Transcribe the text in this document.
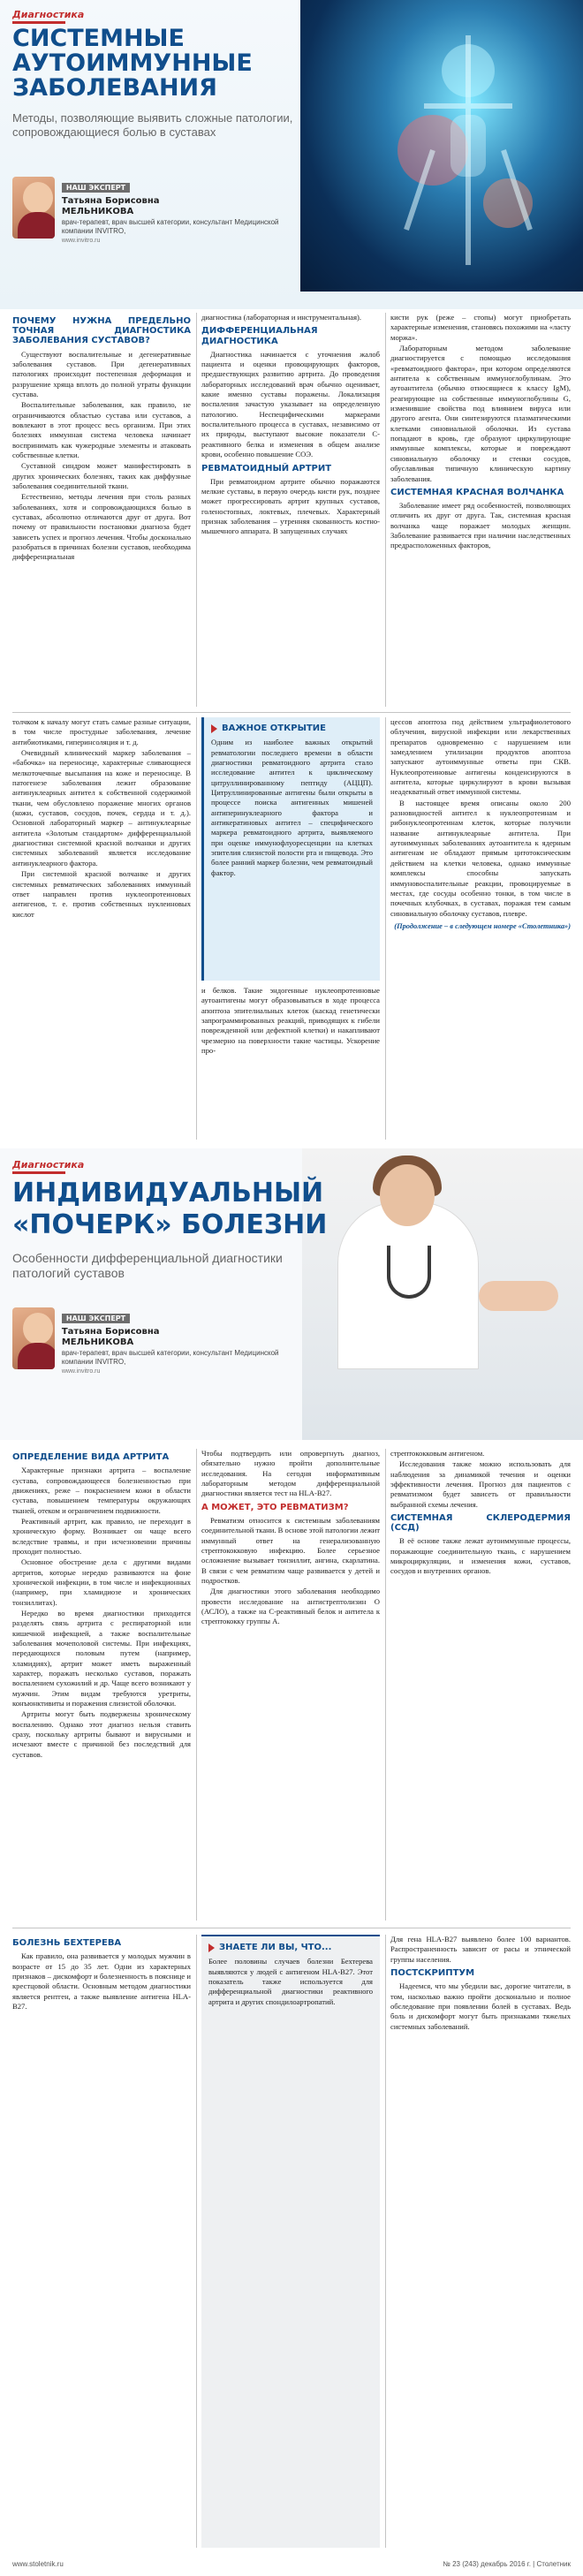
Диагностика
СИСТЕМНЫЕ
АУТОИММУННЫЕ
ЗАБОЛЕВАНИЯ
Методы, позволяющие выявить сложные патологии, сопровождающиеся болью в суставах
НАШ ЭКСПЕРТ
Татьяна Борисовна
МЕЛЬНИКОВА
врач-терапевт, врач высшей категории, консультант Медицинской компании INVITRO,
www.invitro.ru
ПОЧЕМУ НУЖНА ПРЕДЕЛЬНО ТОЧНАЯ ДИАГНОСТИКА ЗАБОЛЕВАНИЯ СУСТАВОВ?

Существуют воспалительные и дегенеративные заболевания суставов. При дегенеративных патологиях происходит постепенная деформация и разрушение хряща вплоть до полной утраты функции сустава.

Воспалительные заболевания, как правило, не ограничиваются областью сустава или суставов, а вовлекают в этот процесс весь организм. При этих болезнях иммунная система человека начинает воспринимать как чужеродные элементы и атаковать собственные клетки.

Суставной синдром может манифестировать в других хронических болезнях, таких как диффузные заболевания соединительной ткани.

Естественно, методы лечения при столь разных заболеваниях, хотя и сопровождающихся болью в суставах, абсолютно отличаются друг от друга. Вот почему от правильности постановки диагноза будет зависеть успех и прогноз лечения. Чтобы досконально разобраться в причинах болезни суставов, необходима дифференциальная

диагностика (лабораторная и инструментальная).

ДИФФЕРЕНЦИАЛЬНАЯ ДИАГНОСТИКА

Диагностика начинается с уточнения жалоб пациента и оценки провоцирующих факторов, предшествующих развитию артрита. До проведения лабораторных исследований врач обычно оценивает, какие именно суставы поражены. Локализация воспаления зачастую указывает на определенную патологию. Неспецифическими маркерами воспалительного процесса в суставах, независимо от их природы, выступают высокие показатели С-реактивного белка и изменения в общем анализе крови, особенно повышение СОЭ.

РЕВМАТОИДНЫЙ АРТРИТ

При ревматоидном артрите обычно поражаются мелкие суставы, в первую очередь кисти рук, позднее может прогрессировать артрит крупных суставов, голеностопных, локтевых, плечевых. Характерный признак заболевания – утренняя скованность костно-мышечного аппарата. В запущенных случаях

кисти рук (реже – стопы) могут приобретать характерные изменения, становясь похожими на «ласту моржа».

Лабораторным методом заболевание диагностируется с помощью исследования «ревматоидного фактора», при котором определяются антитела к собственным иммуноглобулинам. Это аутоантитела (обычно относящиеся к классу IgM), реагирующие на собственные иммуноглобулины G, изменившие свойства под влиянием вируса или другого агента. Они синтезируются плазматическими клетками синовиальной оболочки. Из сустава попадают в кровь, где образуют циркулирующие иммунные комплексы, которые и повреждают синовиальную оболочку и стенки сосудов, обуславливая типичную клиническую картину заболевания.

СИСТЕМНАЯ КРАСНАЯ ВОЛЧАНКА

Заболевание имеет ряд особенностей, позволяющих отличить их друг от друга. Так, системная красная волчанка чаще поражает молодых женщин. Заболевание развивается при наличии наследственных предрасположенных факторов,

толчком к началу могут стать самые разные ситуации, в том числе простудные заболевания, лечение антибиотиками, гиперинсоляция и т. д.

Очевидный клинический маркер заболевания – «бабочка» на переносице, характерные сливающиеся мелкоточечные высыпания на коже и переносице. В патогенезе заболевания лежит образование антинуклеарных антител к собственной содержимой ткани, чем обусловлено поражение многих органов (кожи, суставов, сосудов, почек, сердца и т. д.). Основной лабораторный маркер – антинуклеарные антитела «Золотым стандартом» дифференциальной диагностики системной красной волчанки и других системных заболеваний является исследование антинуклеарного фактора.

При системной красной волчанке и других системных ревматических заболеваниях иммунный ответ направлен против нуклеопротеиновых антигенов, т. е. против собственных нуклеиновых кислот

ВАЖНОЕ ОТКРЫТИЕ
Одним из наиболее важных открытий ревматологии последнего времени в области диагностики ревматоидного артрита стало исследование антител к циклическому цитруллинированному пептиду (АЦЦП). Цитруллинированные антигены были открыты в процессе поиска антигенных мишеней антиперинуклеарного фактора и антикератиновых антител – специфического маркера ревматоидного артрита, выявляемого при оценке иммунофлуоресценции на клетках эпителия слизистой полости рта и пищевода. Это более ранний маркер болезни, чем ревматоидный фактор.

и белков. Такие эндогенные нуклеопротеиновые аутоантигены могут образовываться в ходе процесса апоптоза эпителиальных клеток (каскад генетически запрограммированных реакций, приводящих к гибели поврежденной или дефектной клетки) и накапливают чрезмерно на поверхности такие частицы. Ускорение про-

цессов апоптоза под действием ультрафиолетового облучения, вирусной инфекции или лекарственных препаратов одновременно с нарушением или замедлением утилизации продуктов апоптоза запускают аутоиммунные ответы при СКВ. Нуклеопротеиновые антигены конденсируются в антитела, которые циркулируют в крови вызывая неадекватный ответ иммунной системы.

В настоящее время описаны около 200 разновидностей антител к нуклеопротеинам и рибонуклеопротеинам клеток, которые получили название антинуклеарные антитела. При аутоиммунных заболеваниях аутоантитела к ядерным антигенам не обладают прямым цитотоксическим действием на клетки человека, однако иммунные комплексы способны запускать иммуновоспалительные реакции, провоцируемые в местах, где сосуды особенно тонки, в том числе в почечных клубочках, в суставах, поражая тем самым синовиальную оболочку суставов, плевре.

(Продолжение – в следующем номере «Столетника»)
Диагностика
ИНДИВИДУАЛЬНЫЙ
«ПОЧЕРК» БОЛЕЗНИ
Особенности дифференциальной диагностики патологий суставов
НАШ ЭКСПЕРТ
Татьяна Борисовна
МЕЛЬНИКОВА
врач-терапевт, врач высшей категории, консультант Медицинской компании INVITRO,
www.invitro.ru
ОПРЕДЕЛЕНИЕ ВИДА АРТРИТА

Характерные признаки артрита – воспаление сустава, сопровождающееся болезненностью при движениях, реже – покраснением кожи в области сустава, повышением температуры окружающих тканей, отеком и ограничением подвижности.

Реактивный артрит, как правило, не переходит в хроническую форму. Возникает он чаще всего вследствие травмы, и при исчезновении причины проходит полностью.

Основное обострение дела с другими видами артритов, которые нередко развиваются на фоне хронической инфекции, в том числе и инфекционных (например, при хламидиозе и хронических тонзиллитах).

Нередко во время диагностики приходится разделять связь артрита с респираторной или кишечной инфекцией, а также воспалительные заболевания мочеполовой системы. При инфекциях, передающихся половым путем (например, хламидиях), артрит может иметь выраженный характер, поражать несколько суставов, поражать воспалением сухожилий и др. Чаще всего возникают у мужчин. Этим видам требуются уретриты, конъюнктивиты и поражения слизистой оболочки.

Артриты могут быть подвержены хроническому воспалению. Однако этот диагноз нельзя ставить сразу, поскольку артриты бывают и вирусными и исчезают вместе с причиной без последствий для суставов.

Чтобы подтвердить или опровергнуть диагноз, обязательно нужно пройти дополнительные исследования. На сегодня информативным лабораторным методом дифференциальной диагностики является тест на HLA-B27.

А МОЖЕТ, ЭТО РЕВМАТИЗМ?

Ревматизм относится к системным заболеваниям соединительной ткани. В основе этой патологии лежит иммунный ответ на генерализованную стрептококковую инфекцию. Более серьезное осложнение вызывает тонзиллит, ангина, скарлатина. В связи с чем ревматизм чаще развивается у детей и подростков.

Для диагностики этого заболевания необходимо провести исследование на антистрептолизин О (АСЛО), а также на С-реактивный белок и антитела к стрептококку группы А.

стрептококковым антигеном.

Исследования также можно использовать для наблюдения за динамикой течения и оценки эффективности лечения. Прогноз для пациентов с ревматизмом будет зависеть от правильности выбранной схемы лечения.

СИСТЕМНАЯ СКЛЕРОДЕРМИЯ (ССД)

В её основе также лежат аутоиммунные процессы, поражающие соединительную ткань, с нарушением микроциркуляции, и изменения кожи, суставов, сосудов и внутренних органов.

БОЛЕЗНЬ БЕХТЕРЕВА

Как правило, она развивается у молодых мужчин в возрасте от 15 до 35 лет. Одни из характерных признаков – дискомфорт и болезненность в пояснице и крестцовой области. Основным методом диагностики является рентген, а также выявление антигена HLA-B27.

ЗНАЕТЕ ЛИ ВЫ, ЧТО...
Более половины случаев болезни Бехтерева выявляются у людей с антигеном HLA-B27. Этот показатель также используется для дифференциальной диагностики реактивного артрита и других спондилоартропатий.

Для гена HLA-B27 выявлено более 100 вариантов. Распространенность зависит от расы и этнической группы населения.

ПОСТСКРИПТУМ

Надеемся, что мы убедили вас, дорогие читатели, в том, насколько важно пройти досконально и полное обследование при появлении болей в суставах. Ведь боль и дискомфорт могут быть признаками тяжелых системных заболеваний.

www.stoletnik.ru	№ 23 (243) декабрь 2016 г. | Столетник
